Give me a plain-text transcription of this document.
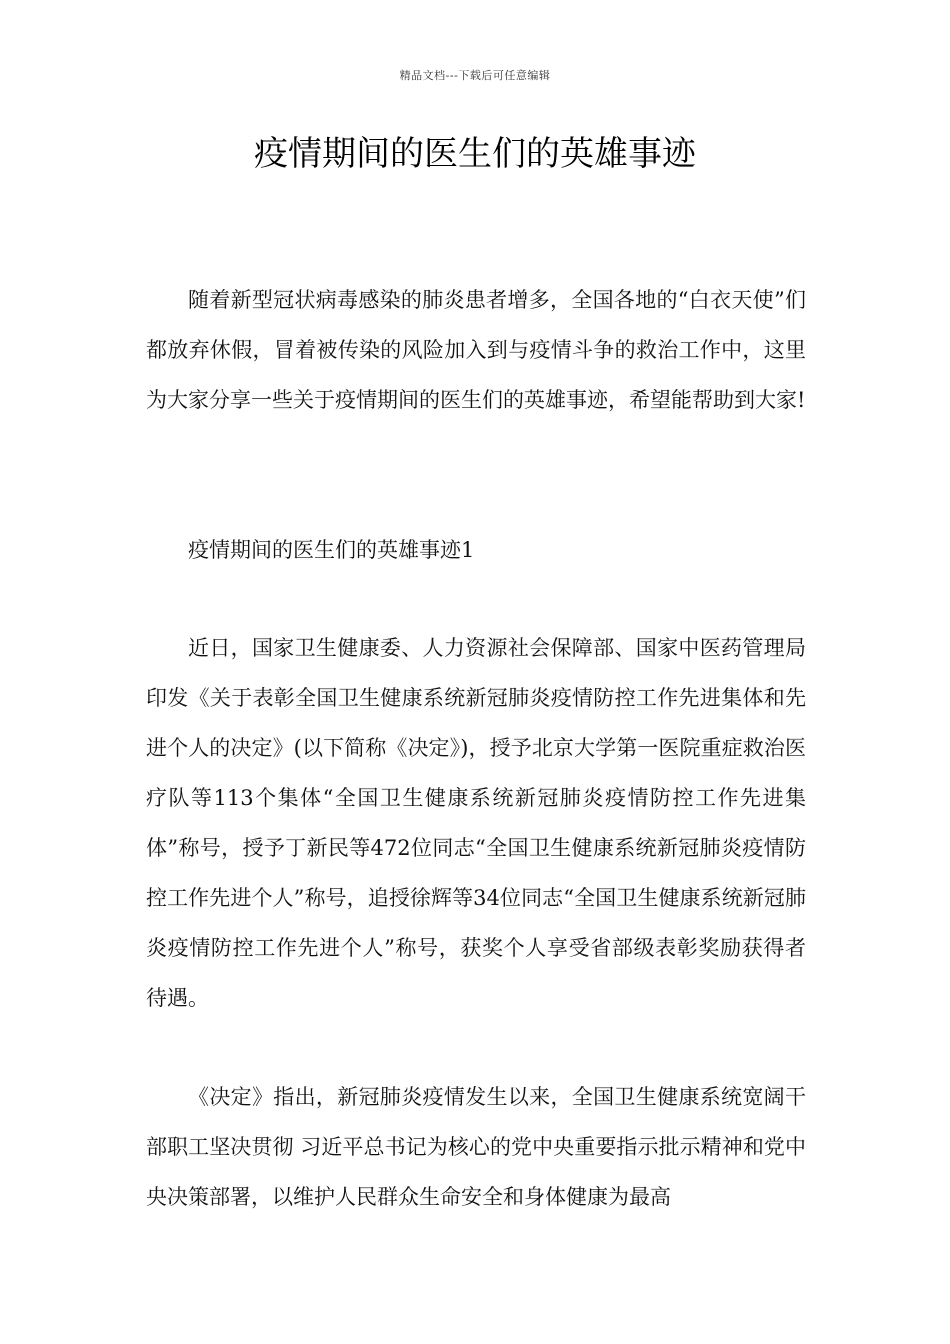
精品文档---下载后可任意编辑
疫情期间的医生们的英雄事迹

随着新型冠状病毒感染的肺炎患者增多，全国各地的“白衣天使”们都放弃休假，冒着被传染的风险加入到与疫情斗争的救治工作中，这里为大家分享一些关于疫情期间的医生们的英雄事迹，希望能帮助到大家!

疫情期间的医生们的英雄事迹1

近日，国家卫生健康委、人力资源社会保障部、国家中医药管理局印发《关于表彰全国卫生健康系统新冠肺炎疫情防控工作先进集体和先进个人的决定》(以下简称《决定》)，授予北京大学第一医院重症救治医疗队等113个集体“全国卫生健康系统新冠肺炎疫情防控工作先进集体”称号，授予丁新民等472位同志“全国卫生健康系统新冠肺炎疫情防控工作先进个人”称号，追授徐辉等34位同志“全国卫生健康系统新冠肺炎疫情防控工作先进个人”称号，获奖个人享受省部级表彰奖励获得者待遇。

《决定》指出，新冠肺炎疫情发生以来，全国卫生健康系统宽阔干部职工坚决贯彻 习近平总书记为核心的党中央重要指示批示精神和党中央决策部署，以维护人民群众生命安全和身体健康为最高
